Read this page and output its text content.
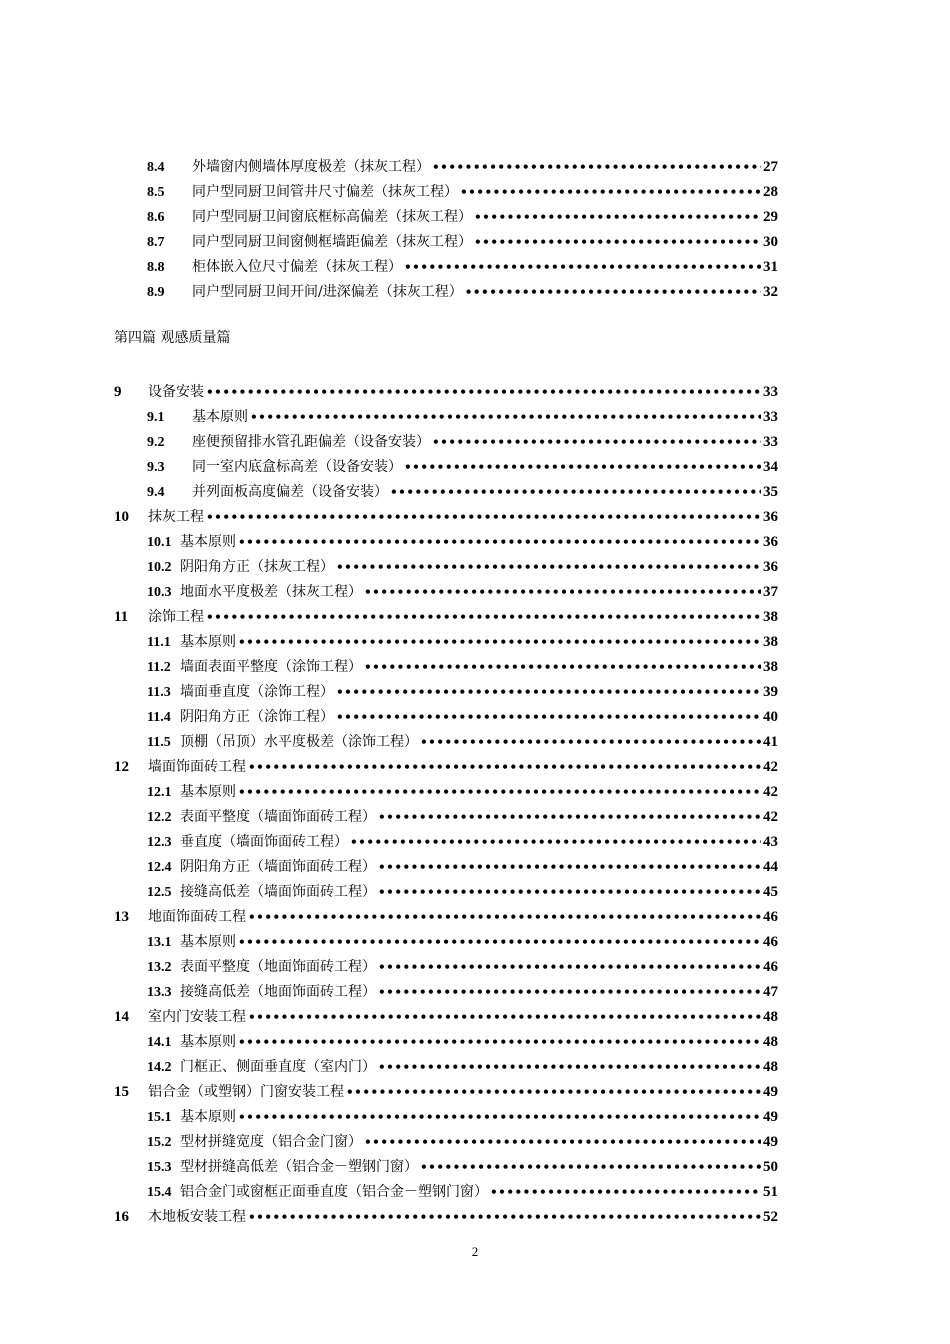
8.4	外墙窗内侧墙体厚度极差（抹灰工程） •••••	27
8.5	同户型同厨卫间管井尺寸偏差（抹灰工程） •••••	28
8.6	同户型同厨卫间窗底框标高偏差（抹灰工程） •••••	29
8.7	同户型同厨卫间窗侧框墙距偏差（抹灰工程） •••••	30
8.8	柜体嵌入位尺寸偏差（抹灰工程） •••••	31
8.9	同户型同厨卫间开间/进深偏差（抹灰工程） •••••	32
9	设备安装 •••••	33
9.1	基本原则 •••••	33
9.2	座便预留排水管孔距偏差（设备安装） •••••	33
9.3	同一室内底盒标高差（设备安装） •••••	34
9.4	并列面板高度偏差（设备安装） •••••	35
10	抹灰工程 •••••	36
10.1 基本原则 •••••	36
10.2 阴阳角方正（抹灰工程） •••••	36
10.3 地面水平度极差（抹灰工程） •••••	37
11	涂饰工程 •••••	38
11.1 基本原则 •••••	38
11.2 墙面表面平整度（涂饰工程） •••••	38
11.3 墙面垂直度（涂饰工程） •••••	39
11.4 阴阳角方正（涂饰工程） •••••	40
11.5 顶棚（吊顶）水平度极差（涂饰工程） •••••	41
12	墙面饰面砖工程 •••••	42
12.1 基本原则 •••••	42
12.2 表面平整度（墙面饰面砖工程） •••••	42
12.3 垂直度（墙面饰面砖工程） •••••	43
12.4 阴阳角方正（墙面饰面砖工程） •••••	44
12.5 接缝高低差（墙面饰面砖工程） •••••	45
13	地面饰面砖工程 •••••	46
13.1 基本原则 •••••	46
13.2 表面平整度（地面饰面砖工程） •••••	46
13.3 接缝高低差（地面饰面砖工程） •••••	47
14	室内门安装工程 •••••	48
14.1 基本原则 •••••	48
14.2 门框正、侧面垂直度（室内门） •••••	48
15	铝合金（或塑钢）门窗安装工程 •••••	49
15.1 基本原则 •••••	49
15.2 型材拼缝宽度（铝合金门窗） •••••	49
15.3 型材拼缝高低差（铝合金－塑钢门窗） •••••	50
15.4 铝合金门或窗框正面垂直度（铝合金－塑钢门窗） •••••	51
16	木地板安装工程 •••••	52
第四篇 观感质量篇
2
